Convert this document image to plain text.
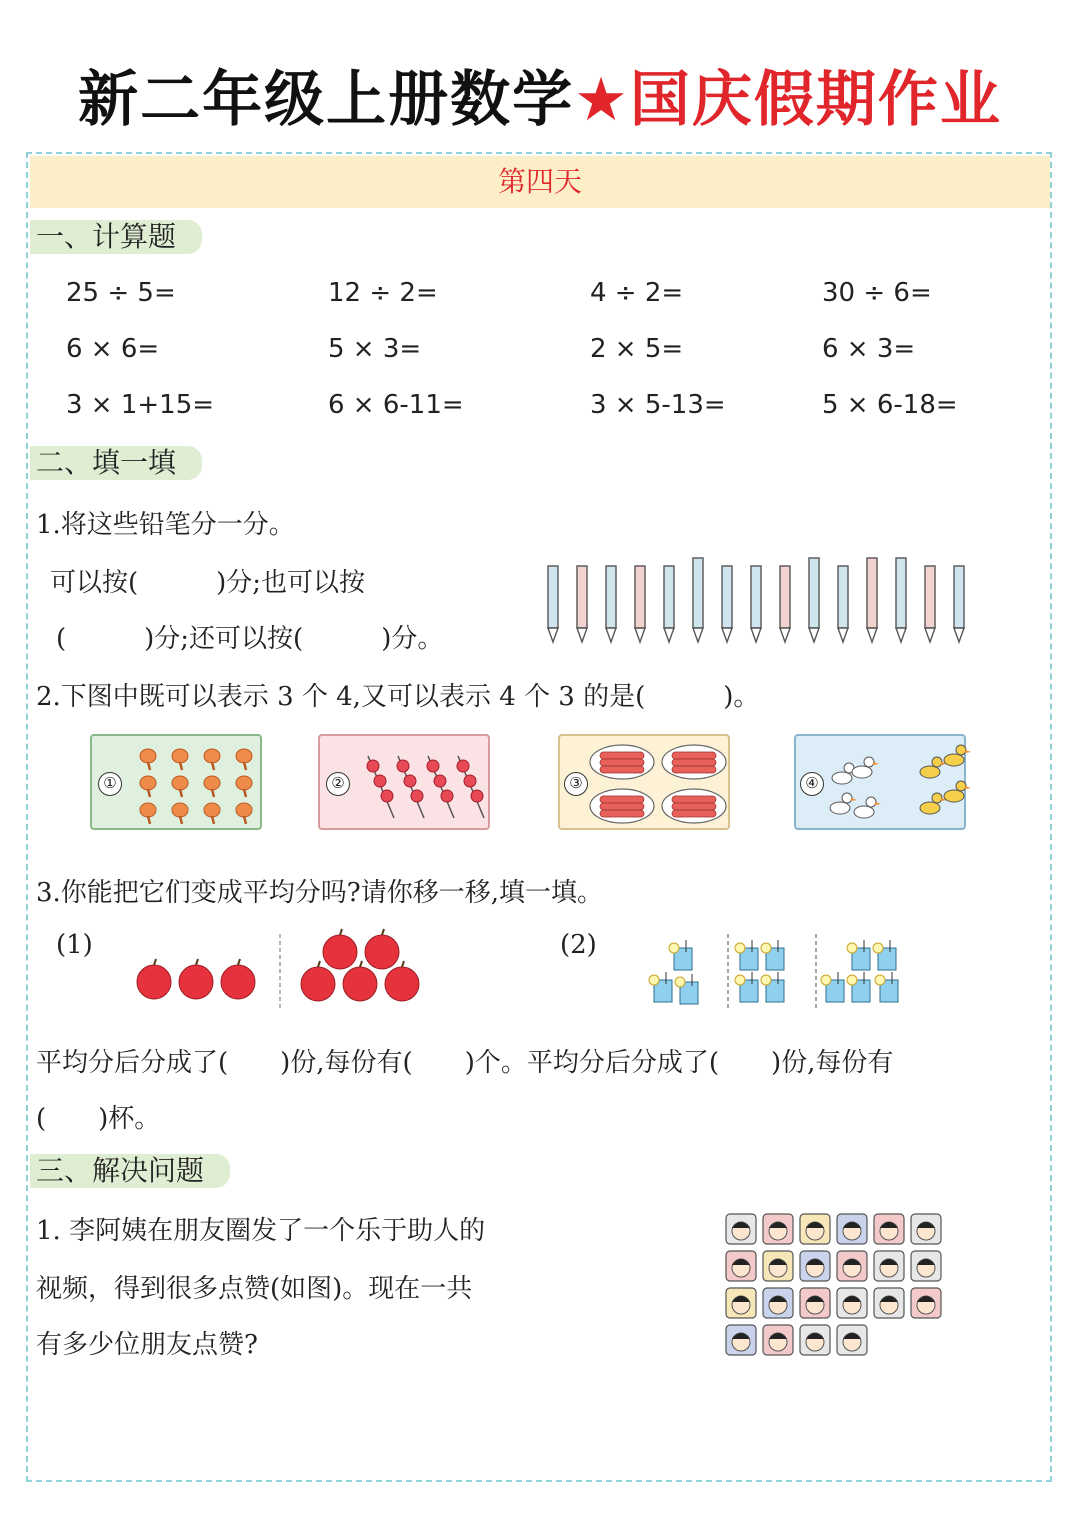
新二年级上册数学★国庆假期作业
第四天
一、计算题
25 ÷ 5=	12 ÷ 2=	4 ÷ 2=	30 ÷ 6=
6 × 6=	5 × 3=	2 × 5=	6 × 3=
3 × 1+15=	6 × 6-11=	3 × 5-13=	5 × 6-18=
二、填一填
1.将这些铅笔分一分。
可以按(　　　)分;也可以按
(　　　)分;还可以按(　　　)分。
2.下图中既可以表示 3 个 4,又可以表示 4 个 3 的是(　　　)。
①	②	③	④
3.你能把它们变成平均分吗?请你移一移,填一填。
(1)	(2)
平均分后分成了(　　)份,每份有(　　)个。平均分后分成了(　　)份,每份有
(　　)杯。
三、解决问题
1. 李阿姨在朋友圈发了一个乐于助人的
视频，得到很多点赞(如图)。现在一共
有多少位朋友点赞?
